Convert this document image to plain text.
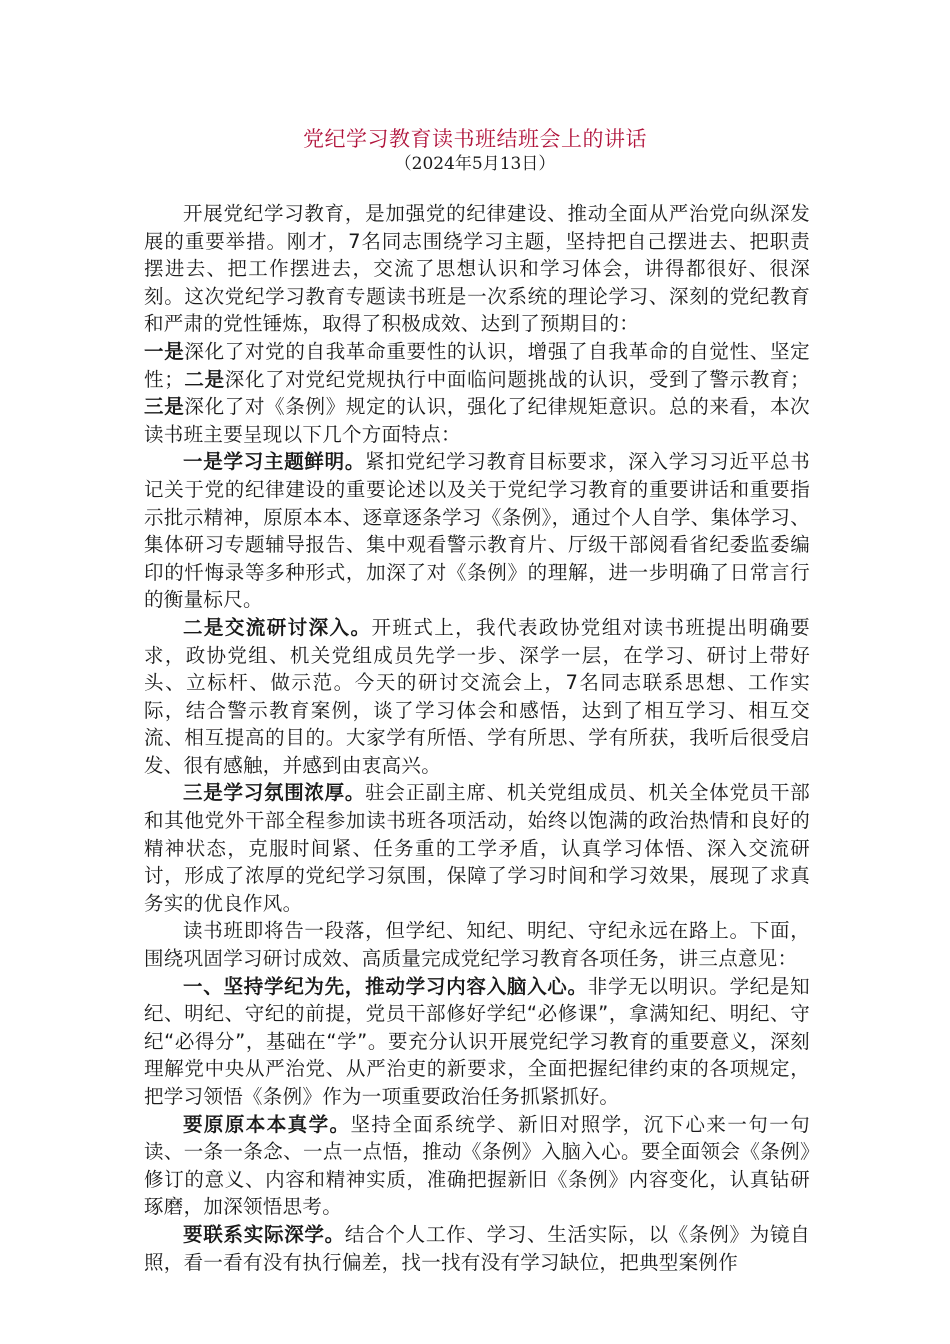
党纪学习教育读书班结班会上的讲话
（2024年5月13日）

开展党纪学习教育，是加强党的纪律建设、推动全面从严治党向纵深发展的重要举措。刚才，7名同志围绕学习主题，坚持把自己摆进去、把职责摆进去、把工作摆进去，交流了思想认识和学习体会，讲得都很好、很深刻。这次党纪学习教育专题读书班是一次系统的理论学习、深刻的党纪教育和严肃的党性锤炼，取得了积极成效、达到了预期目的：

一是深化了对党的自我革命重要性的认识，增强了自我革命的自觉性、坚定性；二是深化了对党纪党规执行中面临问题挑战的认识，受到了警示教育；三是深化了对《条例》规定的认识，强化了纪律规矩意识。总的来看，本次读书班主要呈现以下几个方面特点：

一是学习主题鲜明。紧扣党纪学习教育目标要求，深入学习习近平总书记关于党的纪律建设的重要论述以及关于党纪学习教育的重要讲话和重要指示批示精神，原原本本、逐章逐条学习《条例》，通过个人自学、集体学习、集体研习专题辅导报告、集中观看警示教育片、厅级干部阅看省纪委监委编印的忏悔录等多种形式，加深了对《条例》的理解，进一步明确了日常言行的衡量标尺。

二是交流研讨深入。开班式上，我代表政协党组对读书班提出明确要求，政协党组、机关党组成员先学一步、深学一层，在学习、研讨上带好头、立标杆、做示范。今天的研讨交流会上，7名同志联系思想、工作实际，结合警示教育案例，谈了学习体会和感悟，达到了相互学习、相互交流、相互提高的目的。大家学有所悟、学有所思、学有所获，我听后很受启发、很有感触，并感到由衷高兴。

三是学习氛围浓厚。驻会正副主席、机关党组成员、机关全体党员干部和其他党外干部全程参加读书班各项活动，始终以饱满的政治热情和良好的精神状态，克服时间紧、任务重的工学矛盾，认真学习体悟、深入交流研讨，形成了浓厚的党纪学习氛围，保障了学习时间和学习效果，展现了求真务实的优良作风。

读书班即将告一段落，但学纪、知纪、明纪、守纪永远在路上。下面，围绕巩固学习研讨成效、高质量完成党纪学习教育各项任务，讲三点意见：

一、坚持学纪为先，推动学习内容入脑入心。非学无以明识。学纪是知纪、明纪、守纪的前提，党员干部修好学纪“必修课”，拿满知纪、明纪、守纪“必得分”，基础在“学”。要充分认识开展党纪学习教育的重要意义，深刻理解党中央从严治党、从严治吏的新要求，全面把握纪律约束的各项规定，把学习领悟《条例》作为一项重要政治任务抓紧抓好。

要原原本本真学。坚持全面系统学、新旧对照学，沉下心来一句一句读、一条一条念、一点一点悟，推动《条例》入脑入心。要全面领会《条例》修订的意义、内容和精神实质，准确把握新旧《条例》内容变化，认真钻研琢磨，加深领悟思考。

要联系实际深学。结合个人工作、学习、生活实际，以《条例》为镜自照，看一看有没有执行偏差，找一找有没有学习缺位，把典型案例作
